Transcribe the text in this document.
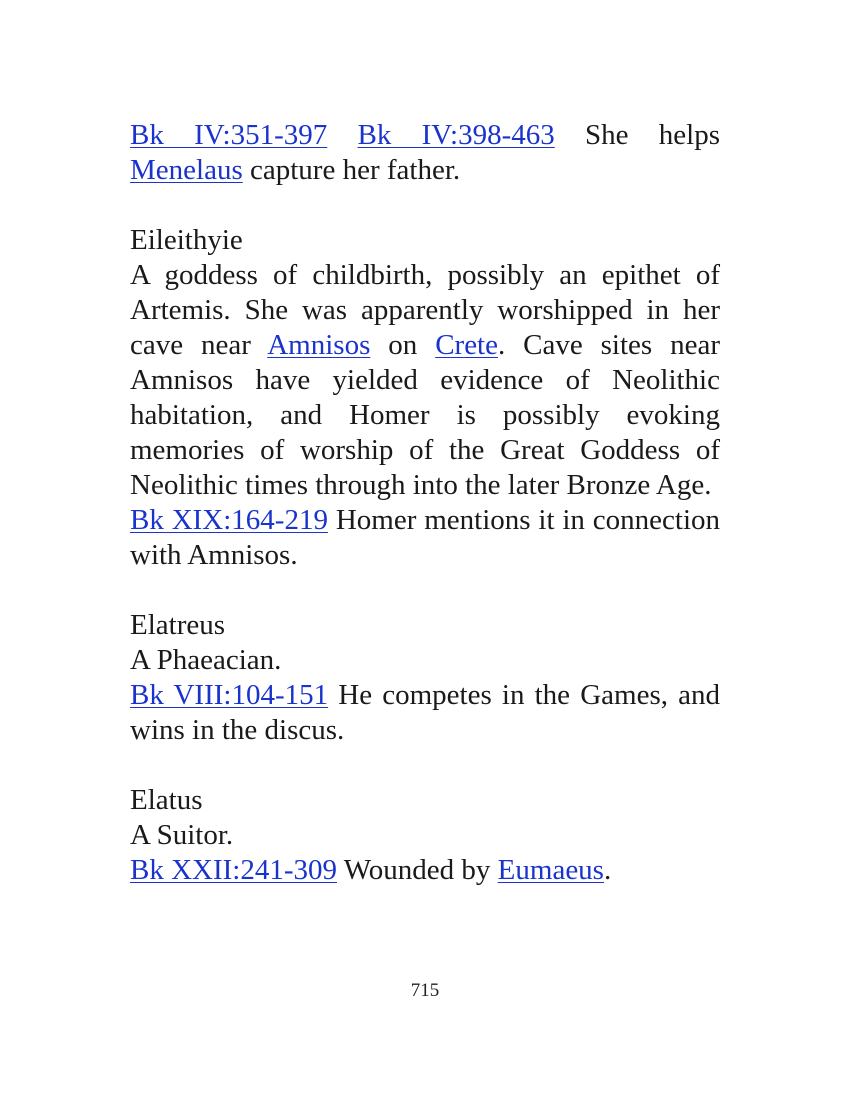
Bk IV:351-397 Bk IV:398-463 She helps Menelaus capture her father.

Eileithyie

A goddess of childbirth, possibly an epithet of Artemis. She was apparently worshipped in her cave near Amnisos on Crete. Cave sites near Amnisos have yielded evidence of Neolithic habitation, and Homer is possibly evoking memories of worship of the Great Goddess of Neolithic times through into the later Bronze Age.

Bk XIX:164-219 Homer mentions it in connection with Amnisos.

Elatreus

A Phaeacian.

Bk VIII:104-151 He competes in the Games, and wins in the discus.

Elatus

A Suitor.

Bk XXII:241-309 Wounded by Eumaeus.

715
